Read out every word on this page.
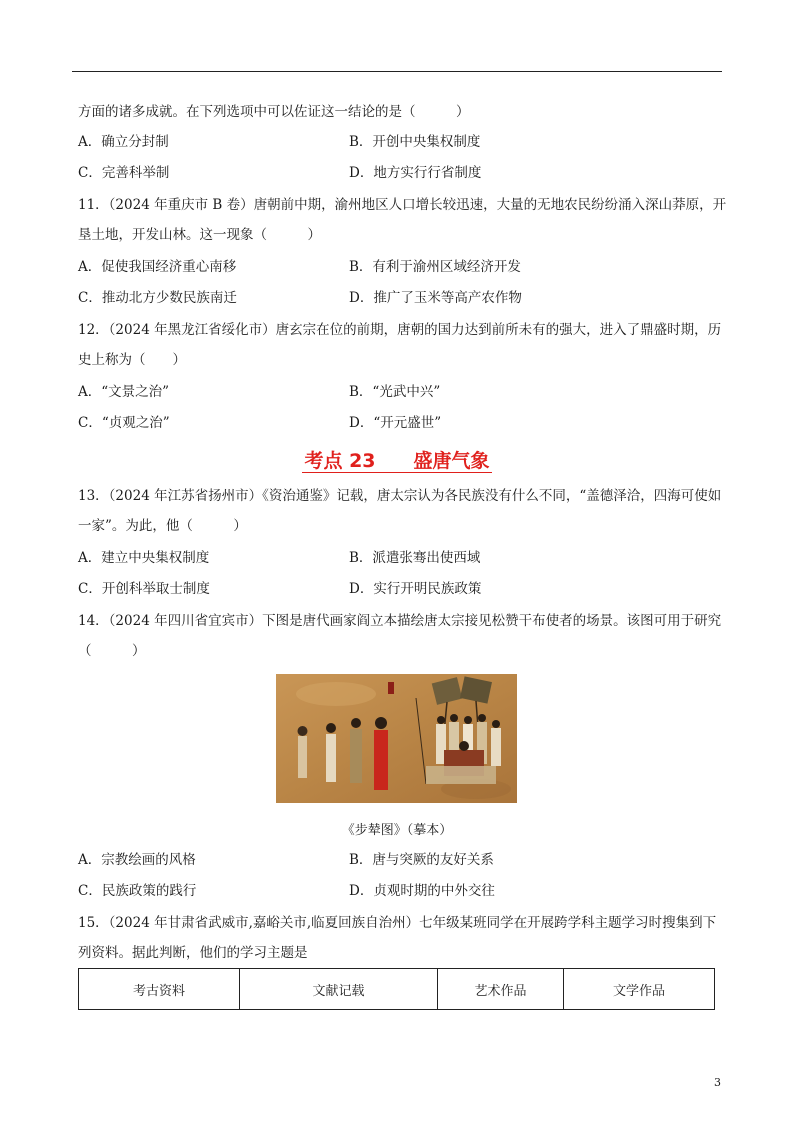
方面的诸多成就。在下列选项中可以佐证这一结论的是（　　　）
A．确立分封制	B．开创中央集权制度
C．完善科举制	D．地方实行行省制度
11．（2024 年重庆市 B 卷）唐朝前中期，渝州地区人口增长较迅速，大量的无地农民纷纷涌入深山莽原，开
垦土地，开发山林。这一现象（　　　）
A．促使我国经济重心南移	B．有利于渝州区域经济开发
C．推动北方少数民族南迁	D．推广了玉米等高产农作物
12．（2024 年黑龙江省绥化市）唐玄宗在位的前期，唐朝的国力达到前所未有的强大，进入了鼎盛时期，历
史上称为（　　）
A．“文景之治”	B．“光武中兴”
C．“贞观之治”	D．“开元盛世”
考点 23　　盛唐气象
13．（2024 年江苏省扬州市）《资治通鉴》记载，唐太宗认为各民族没有什么不同，“盖德泽洽，四海可使如
一家”。为此，他（　　　）
A．建立中央集权制度	B．派遣张骞出使西域
C．开创科举取士制度	D．实行开明民族政策
14．（2024 年四川省宜宾市）下图是唐代画家阎立本描绘唐太宗接见松赞干布使者的场景。该图可用于研究
（　　　）
《步辇图》（摹本）
A．宗教绘画的风格	B．唐与突厥的友好关系
C．民族政策的践行	D．贞观时期的中外交往
15．（2024 年甘肃省武威市,嘉峪关市,临夏回族自治州）七年级某班同学在开展跨学科主题学习时搜集到下
列资料。据此判断，他们的学习主题是
考古资料	文献记载	艺术作品	文学作品
3
